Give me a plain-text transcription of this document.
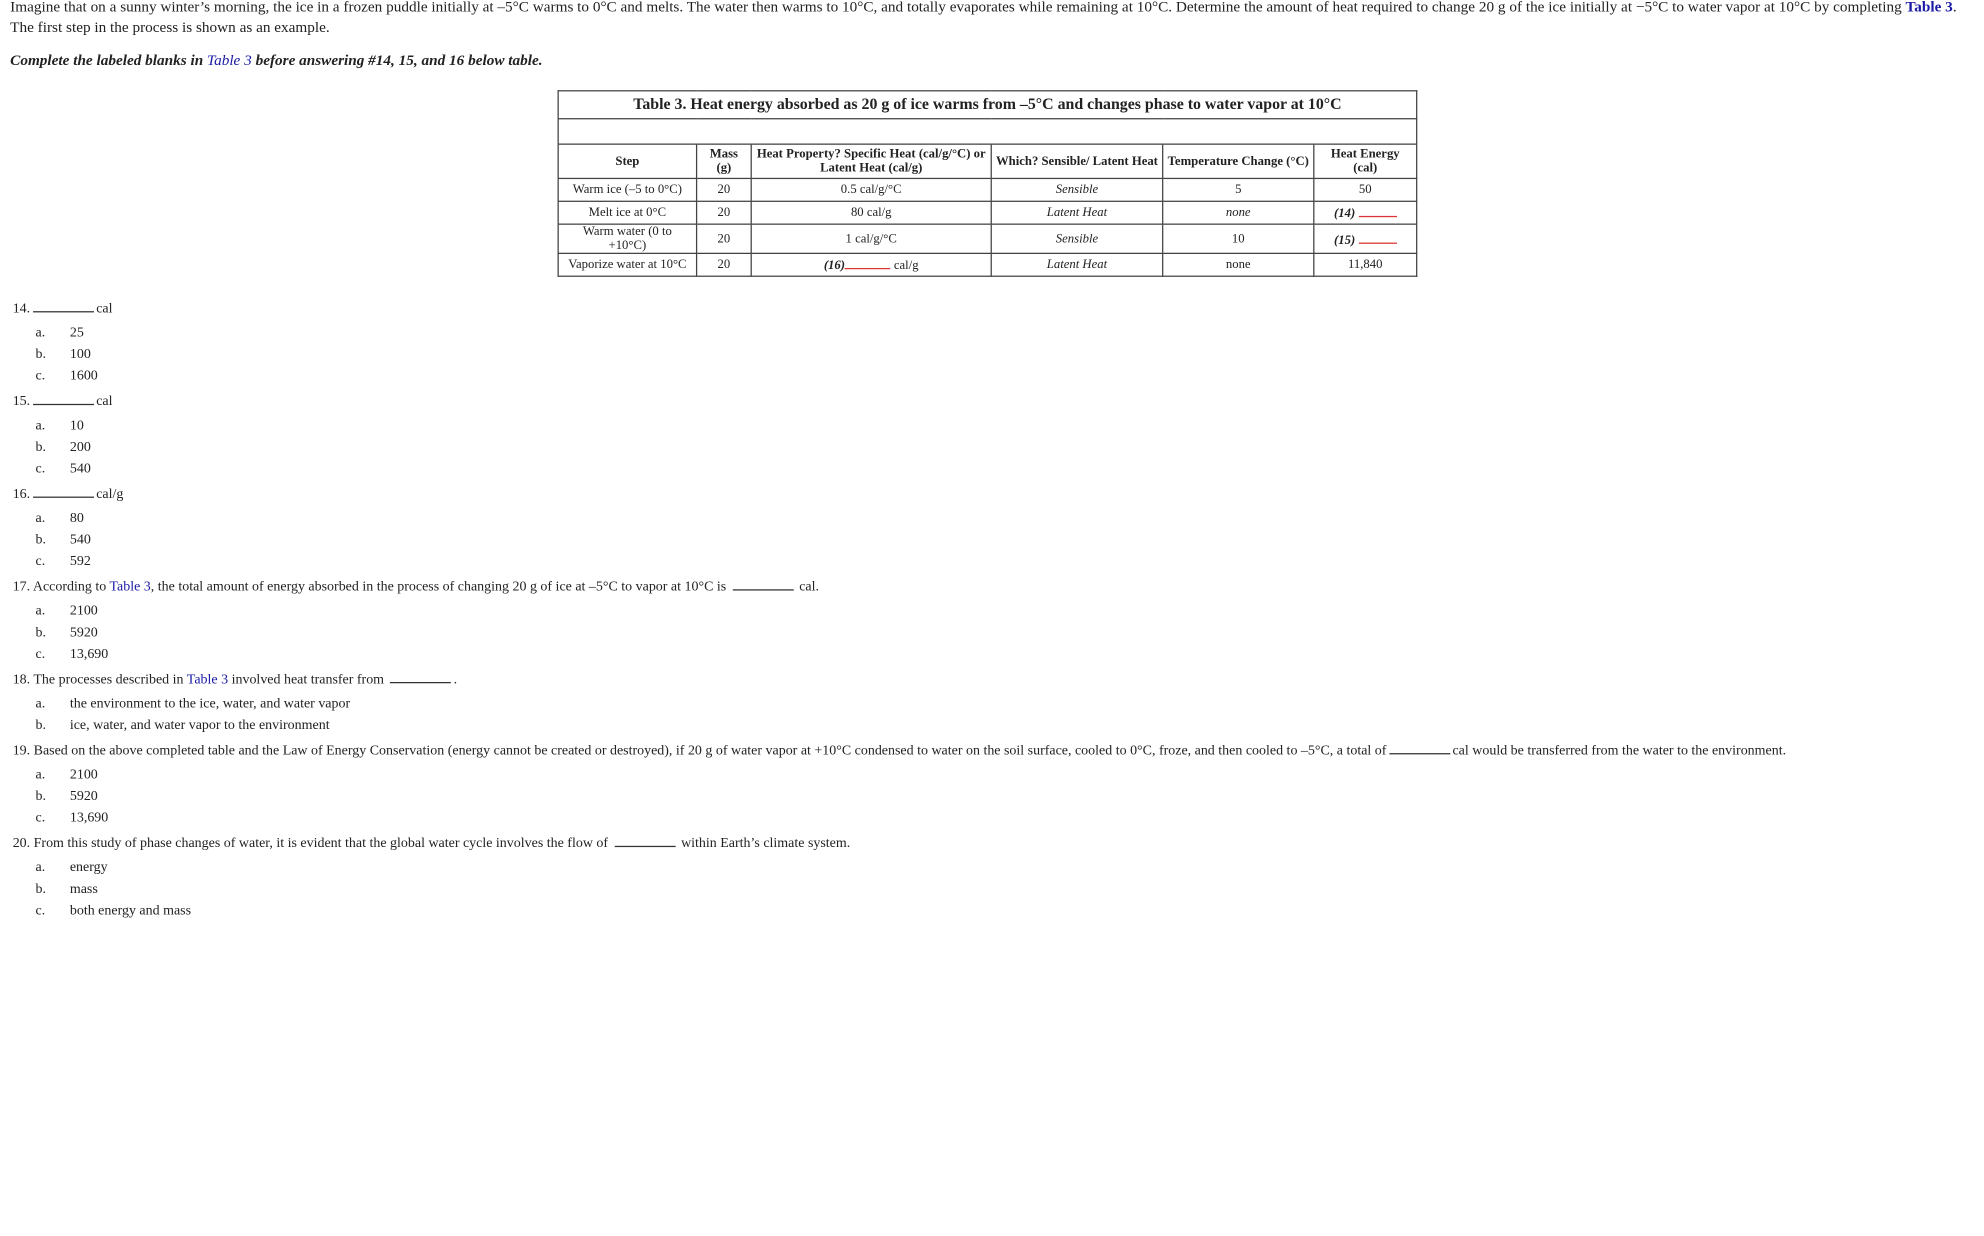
Imagine that on a sunny winter’s morning, the ice in a frozen puddle initially at –5°C warms to 0°C and melts. The water then warms to 10°C, and totally evaporates while remaining at 10°C. Determine the amount of heat required to change 20 g of the ice initially at −5°C to water vapor at 10°C by completing Table 3. The first step in the process is shown as an example.
Complete the labeled blanks in Table 3 before answering #14, 15, and 16 below table.
Table 3. Heat energy absorbed as 20 g of ice warms from –5°C and changes phase to water vapor at 10°C					

Step	Mass (g)	Heat Property? Specific Heat (cal/g/°C) or Latent Heat (cal/g)	Which? Sensible/ Latent Heat	Temperature Change (°C)	Heat Energy (cal)
Warm ice (–5 to 0°C)	20	0.5 cal/g/°C	Sensible	5	50
Melt ice at 0°C	20	80 cal/g	Latent Heat	none	(14)
Warm water (0 to +10°C)	20	1 cal/g/°C	Sensible	10	(15)
Vaporize water at 10°C	20	(16) cal/g	Latent Heat	none	11,840
14.	cal
a. 25
b. 100
c. 1600
15.	cal
a. 10
b. 200
c. 540
16.	cal/g
a. 80
b. 540
c. 592
17. According to Table 3, the total amount of energy absorbed in the process of changing 20 g of ice at –5°C to vapor at 10°C is	cal.
a. 2100
b. 5920
c. 13,690
18. The processes described in Table 3 involved heat transfer from	.
a. the environment to the ice, water, and water vapor
b. ice, water, and water vapor to the environment
19. Based on the above completed table and the Law of Energy Conservation (energy cannot be created or destroyed), if 20 g of water vapor at +10°C condensed to water on the soil surface, cooled to 0°C, froze, and then cooled to –5°C, a total of	cal would be transferred from the water to the environment.
a. 2100
b. 5920
c. 13,690
20. From this study of phase changes of water, it is evident that the global water cycle involves the flow of	within Earth’s climate system.
a. energy
b. mass
c. both energy and mass
